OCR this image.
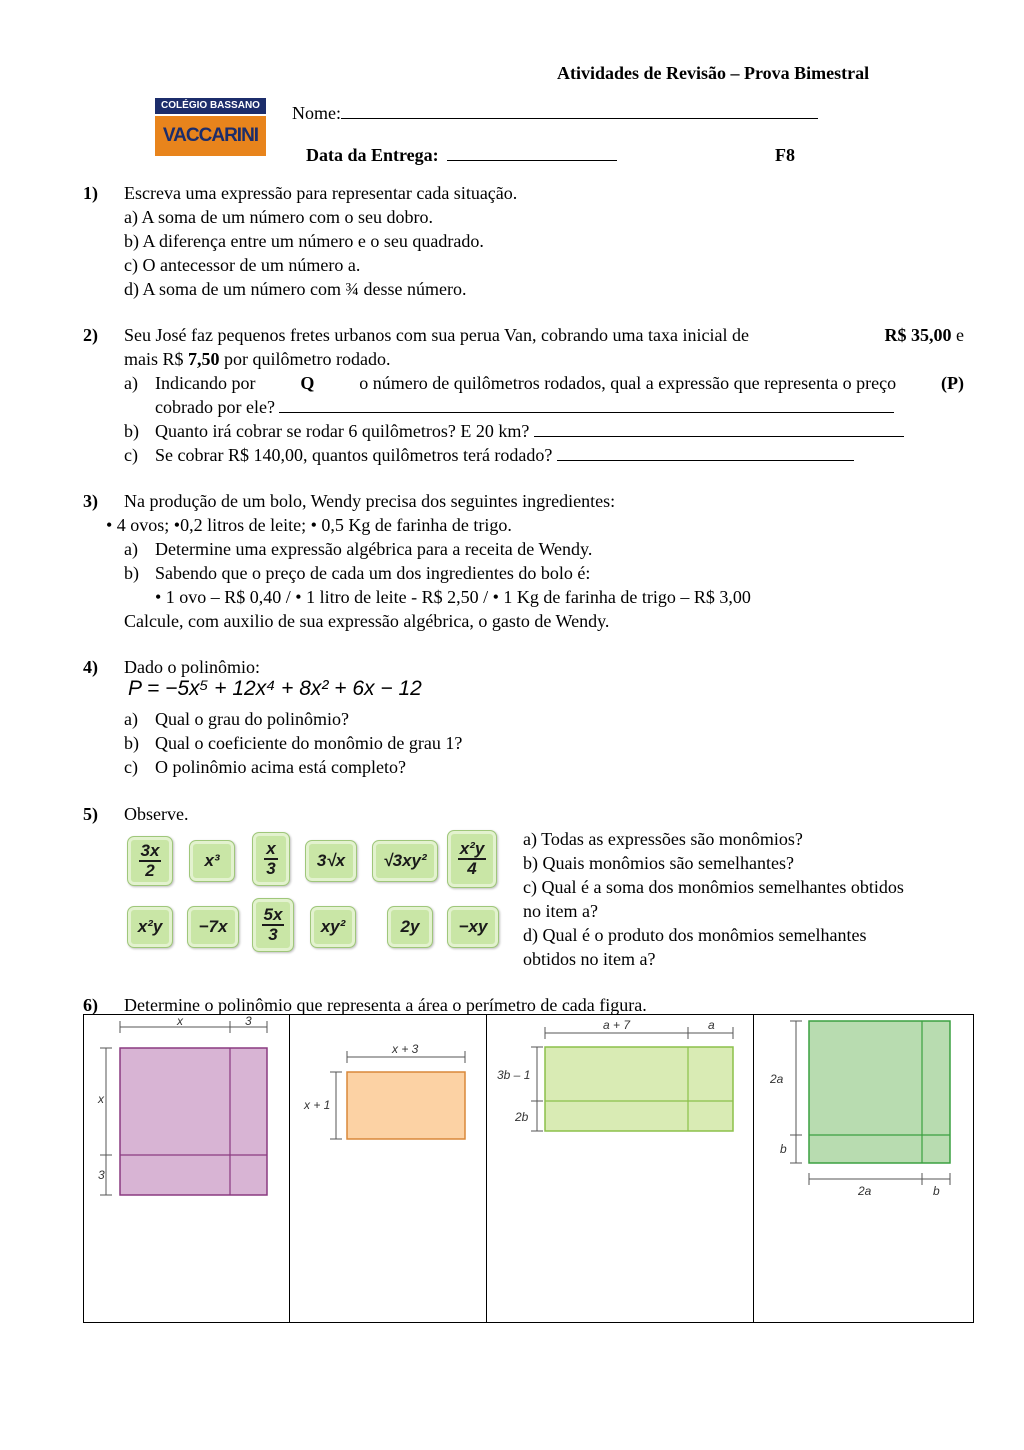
Atividades de Revisão – Prova Bimestral
COLÉGIO BASSANO
VACCARINI
Nome:
Data da Entrega:	F8
1) Escreva uma expressão para representar cada situação.
a) A soma de um número com o seu dobro.
b) A diferença entre um número e o seu quadrado.
c) O antecessor de um número a.
d) A soma de um número com ¾ desse número.
2) Seu José faz pequenos fretes urbanos com sua perua Van, cobrando uma taxa inicial de	R$ 35,00 e
mais R$ 7,50 por quilômetro rodado.
a) Indicando por Q o número de quilômetros rodados, qual a expressão que representa o preço (P)
cobrado por ele?
b) Quanto irá cobrar se rodar 6 quilômetros? E 20 km?
c) Se cobrar R$ 140,00, quantos quilômetros terá rodado?
3) Na produção de um bolo, Wendy precisa dos seguintes ingredientes:
• 4 ovos; •0,2 litros de leite; • 0,5 Kg de farinha de trigo.
a) Determine uma expressão algébrica para a receita de Wendy.
b) Sabendo que o preço de cada um dos ingredientes do bolo é:
• 1 ovo – R$ 0,40 / • 1 litro de leite - R$ 2,50 / • 1 Kg de farinha de trigo – R$ 3,00
Calcule, com auxilio de sua expressão algébrica, o gasto de Wendy.
4) Dado o polinômio:
P = −5x⁵ + 12x⁴ + 8x² + 6x − 12
a) Qual o grau do polinômio?
b) Qual o coeficiente do monômio de grau 1?
c) O polinômio acima está completo?
5) Observe.
$\frac{3x}{2}$	x³	$\frac{x}{3}$	3√x	√3xy²	$\frac{\text{x²y}}{4}$
x²y	−7x	$\frac{5x}{3}$	xy²	2y	−xy
a) Todas as expressões são monômios?
b) Quais monômios são semelhantes?
c) Qual é a soma dos monômios semelhantes obtidos
no item a?
d) Qual é o produto dos monômios semelhantes
obtidos no item a?
6) Determine o polinômio que representa a área o perímetro de cada figura.
x	3
x
3

x + 3
x + 1

a + 7	a
3b – 1
2b

2a
b
2a	b
